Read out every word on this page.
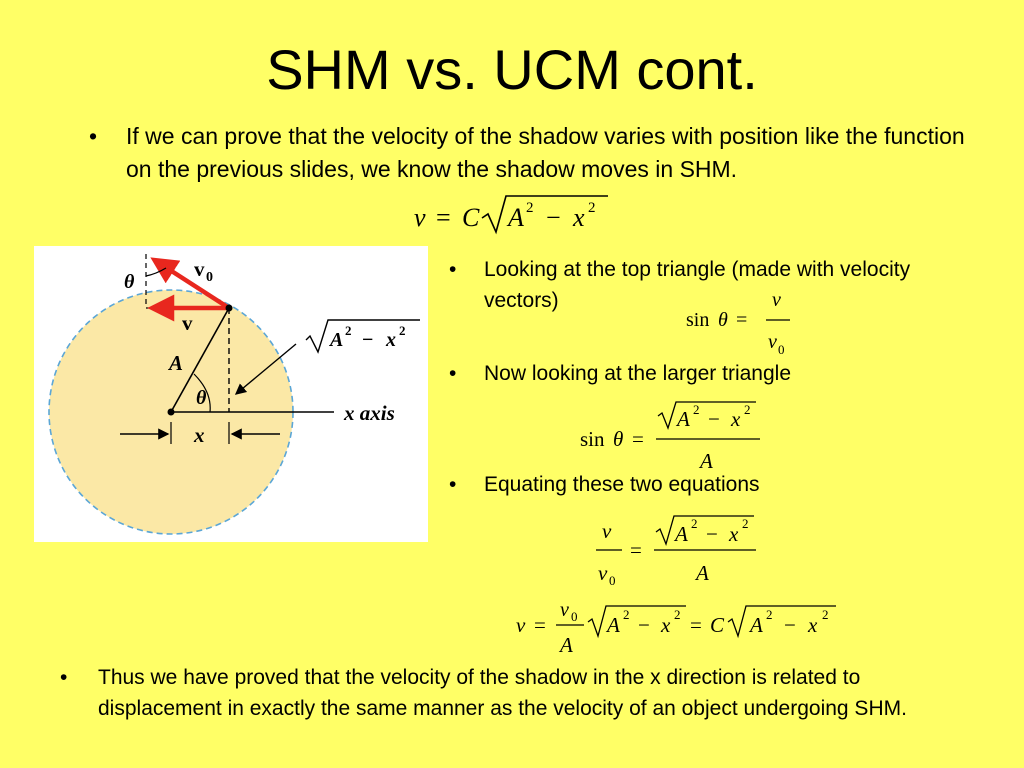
SHM vs. UCM cont.
• If we can prove that the velocity of the shadow varies with position like the function on the previous slides, we know the shadow moves in SHM.
v = C A 2 − x 2
v 0
v
θ
A
θ
x axis
x
A 2 − x 2
• Looking at the top triangle (made with velocity vectors)
sin θ =
v
v 0
• Now looking at the larger triangle
sin θ =
A 2 − x 2
A
• Equating these two equations
v
v 0
=
A 2 − x 2
A
v =
v 0
A
A 2 − x 2 = C A 2 − x 2
• Thus we have proved that the velocity of the shadow in the x direction is related to displacement in exactly the same manner as the velocity of an object undergoing SHM.
